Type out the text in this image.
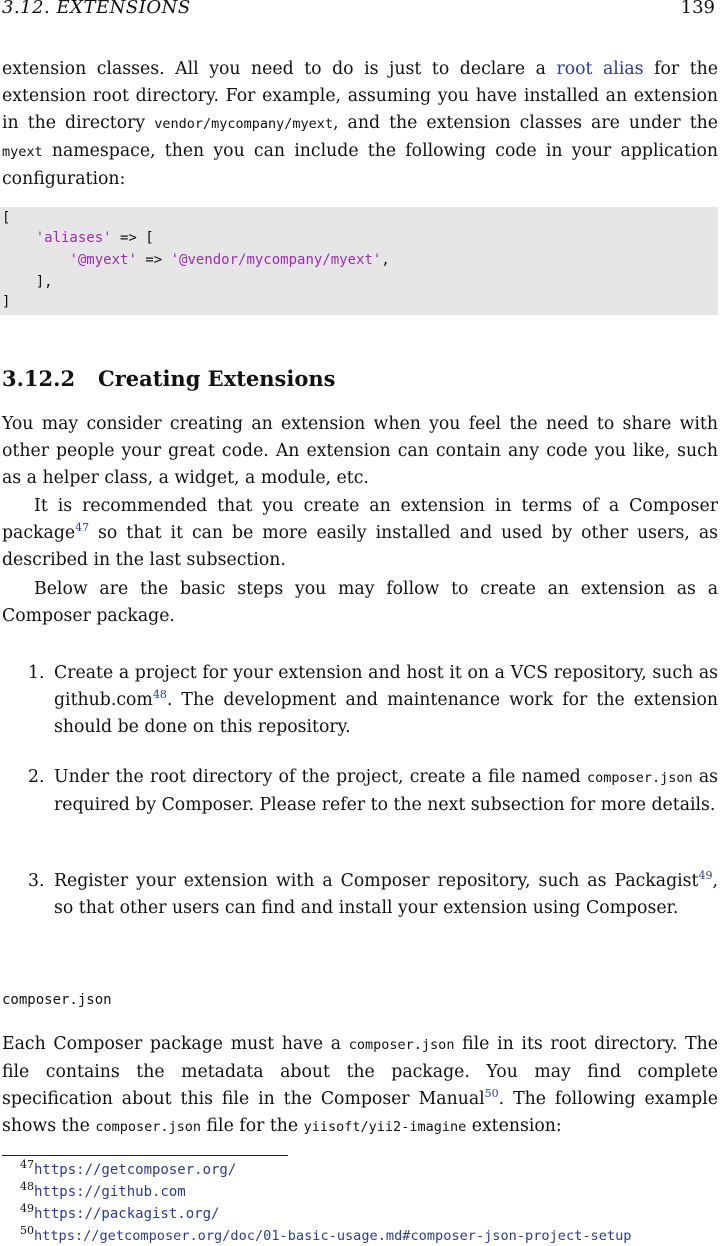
3.12. EXTENSIONS	139
extension classes. All you need to do is just to declare a root alias for the extension root directory. For example, assuming you have installed an extension in the directory vendor/mycompany/myext, and the extension classes are under the myext namespace, then you can include the following code in your application configuration:
[
'aliases' => [
'@myext' => '@vendor/mycompany/myext',
],
]
3.12.2 Creating Extensions
You may consider creating an extension when you feel the need to share with other people your great code. An extension can contain any code you like, such as a helper class, a widget, a module, etc.
It is recommended that you create an extension in terms of a Composer package$^{47}$ so that it can be more easily installed and used by other users, as described in the last subsection.
Below are the basic steps you may follow to create an extension as a Composer package.
1. Create a project for your extension and host it on a VCS repository, such as github.com$^{48}$. The development and maintenance work for the extension should be done on this repository.
2. Under the root directory of the project, create a file named composer.json as required by Composer. Please refer to the next subsection for more details.
3. Register your extension with a Composer repository, such as Packagist$^{49}$, so that other users can find and install your extension using Composer.
composer.json
Each Composer package must have a composer.json file in its root directory. The file contains the metadata about the package. You may find complete specification about this file in the Composer Manual$^{50}$. The following example shows the composer.json file for the yiisoft/yii2-imagine extension:
$^{47}$https://getcomposer.org/
$^{48}$https://github.com
$^{49}$https://packagist.org/
$^{50}$https://getcomposer.org/doc/01-basic-usage.md#composer-json-project-setup
